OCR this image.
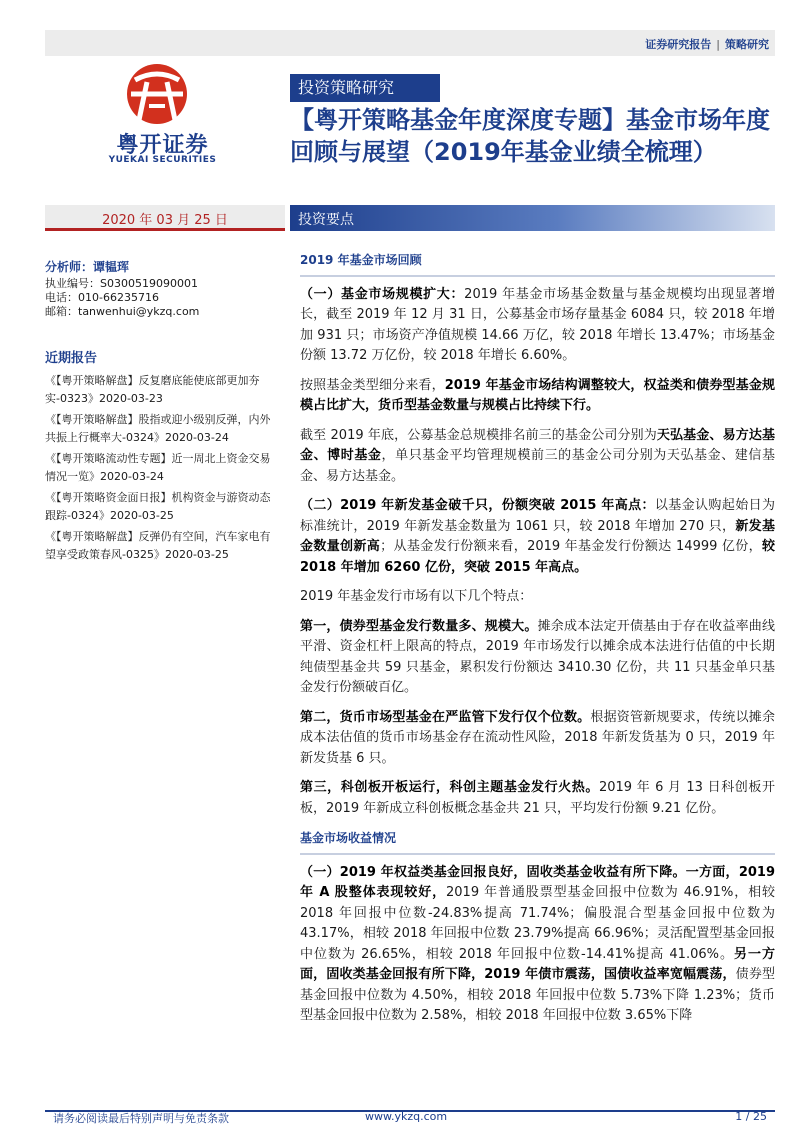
证券研究报告 | 策略研究
粤开证券
YUEKAI SECURITIES
投资策略研究
【粤开策略基金年度深度专题】基金市场年度回顾与展望（2019年基金业绩全梳理）
2020 年 03 月 25 日	投资要点
分析师：谭韫珲
执业编号：S0300519090001
电话：010-66235716
邮箱：tanwenhui@ykzq.com
近期报告
《【粤开策略解盘】反复磨底能使底部更加夯实-0323》2020-03-23
《【粤开策略解盘】股指或迎小级别反弹，内外共振上行概率大-0324》2020-03-24
《【粤开策略流动性专题】近一周北上资金交易情况一览》2020-03-24
《【粤开策略资金面日报】机构资金与游资动态跟踪-0324》2020-03-25
《【粤开策略解盘】反弹仍有空间，汽车家电有望享受政策春风-0325》2020-03-25
2019 年基金市场回顾

（一）基金市场规模扩大：2019 年基金市场基金数量与基金规模均出现显著增长，截至 2019 年 12 月 31 日，公募基金市场存量基金 6084 只，较 2018 年增加 931 只；市场资产净值规模 14.66 万亿，较 2018 年增长 13.47%；市场基金份额 13.72 万亿份，较 2018 年增长 6.60%。

按照基金类型细分来看，2019 年基金市场结构调整较大，权益类和债券型基金规模占比扩大，货币型基金数量与规模占比持续下行。

截至 2019 年底，公募基金总规模排名前三的基金公司分别为天弘基金、易方达基金、博时基金，单只基金平均管理规模前三的基金公司分别为天弘基金、建信基金、易方达基金。

（二）2019 年新发基金破千只，份额突破 2015 年高点：以基金认购起始日为标准统计，2019 年新发基金数量为 1061 只，较 2018 年增加 270 只，新发基金数量创新高；从基金发行份额来看，2019 年基金发行份额达 14999 亿份，较 2018 年增加 6260 亿份，突破 2015 年高点。

2019 年基金发行市场有以下几个特点：

第一，债券型基金发行数量多、规模大。摊余成本法定开债基由于存在收益率曲线平滑、资金杠杆上限高的特点，2019 年市场发行以摊余成本法进行估值的中长期纯债型基金共 59 只基金，累积发行份额达 3410.30 亿份，共 11 只基金单只基金发行份额破百亿。

第二，货币市场型基金在严监管下发行仅个位数。根据资管新规要求，传统以摊余成本法估值的货币市场基金存在流动性风险，2018 年新发货基为 0 只，2019 年新发货基 6 只。

第三，科创板开板运行，科创主题基金发行火热。2019 年 6 月 13 日科创板开板，2019 年新成立科创板概念基金共 21 只，平均发行份额 9.21 亿份。

基金市场收益情况

（一）2019 年权益类基金回报良好，固收类基金收益有所下降。一方面，2019 年 A 股整体表现较好，2019 年普通股票型基金回报中位数为 46.91%，相较 2018 年回报中位数-24.83%提高 71.74%；偏股混合型基金回报中位数为 43.17%，相较 2018 年回报中位数 23.79%提高 66.96%；灵活配置型基金回报中位数为 26.65%，相较 2018 年回报中位数-14.41%提高 41.06%。另一方面，固收类基金回报有所下降，2019 年债市震荡，国债收益率宽幅震荡，债券型基金回报中位数为 4.50%，相较 2018 年回报中位数 5.73%下降 1.23%；货币型基金回报中位数为 2.58%，相较 2018 年回报中位数 3.65%下降

请务必阅读最后特别声明与免责条款	www.ykzq.com	1 / 25
